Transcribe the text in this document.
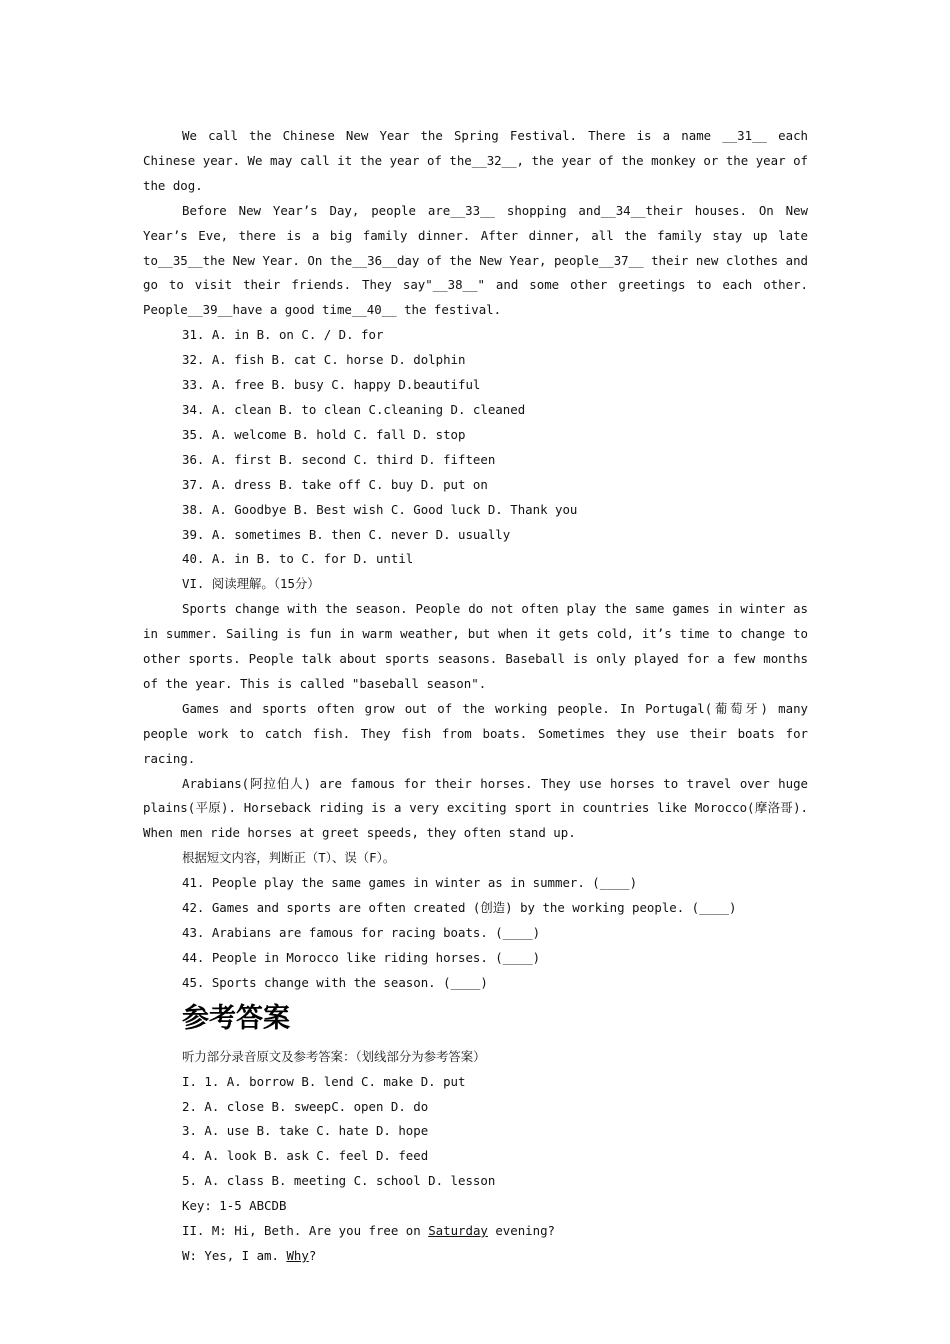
We call the Chinese New Year the Spring Festival. There is a name __31__ each Chinese year. We may call it the year of the__32__, the year of the monkey or the year of the dog.

Before New Year’s Day, people are__33__ shopping and__34__their houses. On New Year’s Eve, there is a big family dinner. After dinner, all the family stay up late to__35__the New Year. On the__36__day of the New Year, people__37__ their new clothes and go to visit their friends. They say"__38__" and some other greetings to each other. People__39__have a good time__40__ the festival.

31. A. in B. on C. / D. for

32. A. fish B. cat C. horse D. dolphin

33. A. free B. busy C. happy D.beautiful

34. A. clean B. to clean C.cleaning D. cleaned

35. A. welcome B. hold C. fall D. stop

36. A. first B. second C. third D. fifteen

37. A. dress B. take off C. buy D. put on

38. A. Goodbye B. Best wish C. Good luck D. Thank you

39. A. sometimes B. then C. never D. usually

40. A. in B. to C. for D. until

VI. 阅读理解。（15分）

Sports change with the season. People do not often play the same games in winter as in summer. Sailing is fun in warm weather, but when it gets cold, it’s time to change to other sports. People talk about sports seasons. Baseball is only played for a few months of the year. This is called "baseball season".

Games and sports often grow out of the working people. In Portugal(葡萄牙) many people work to catch fish. They fish from boats. Sometimes they use their boats for racing.

Arabians(阿拉伯人) are famous for their horses. They use horses to travel over huge plains(平原). Horseback riding is a very exciting sport in countries like Morocco(摩洛哥). When men ride horses at greet speeds, they often stand up.

根据短文内容，判断正（T）、误（F）。

41. People play the same games in winter as in summer. (____)

42. Games and sports are often created (创造) by the working people. (____)

43. Arabians are famous for racing boats. (____)

44. People in Morocco like riding horses. (____)

45. Sports change with the season. (____)

参考答案

听力部分录音原文及参考答案：（划线部分为参考答案）

I. 1. A. borrow B. lend C. make D. put

2. A. close B. sweepC. open D. do

3. A. use B. take C. hate D. hope

4. A. look B. ask C. feel D. feed

5. A. class B. meeting C. school D. lesson

Key: 1-5 ABCDB

II. M: Hi, Beth. Are you free on Saturday evening?

W: Yes, I am. Why?
